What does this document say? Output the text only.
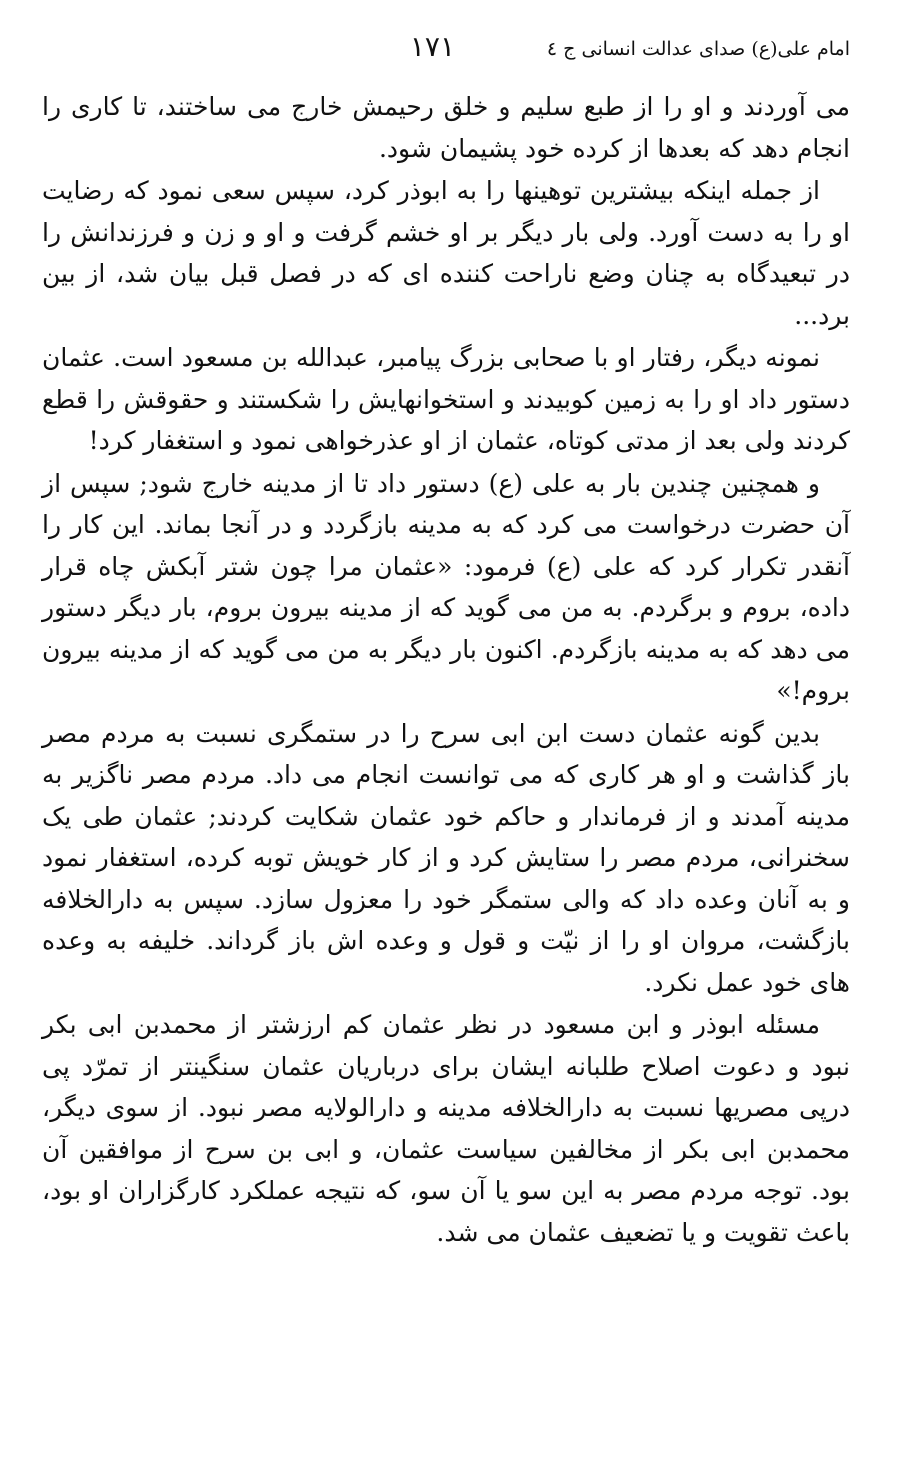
امام علی(ع) صدای عدالت انسانی ج ٤
١٧١

می آوردند و او را از طبع سلیم و خلق رحیمش خارج می ساختند، تا کاری را انجام دهد که بعدها از کرده خود پشیمان شود.

از جمله اینکه بیشترین توهینها را به ابوذر کرد، سپس سعی نمود که رضایت او را به دست آورد. ولی بار دیگر بر او خشم گرفت و او و زن و فرزندانش را در تبعیدگاه به چنان وضع ناراحت کننده ای که در فصل قبل بیان شد، از بین برد...

نمونه دیگر، رفتار او با صحابی بزرگ پیامبر، عبدالله بن مسعود است. عثمان دستور داد او را به زمین کوبیدند و استخوانهایش را شکستند و حقوقش را قطع کردند ولی بعد از مدتی کوتاه، عثمان از او عذرخواهی نمود و استغفار کرد!

و همچنین چندین بار به علی (ع) دستور داد تا از مدینه خارج شود; سپس از آن حضرت درخواست می کرد که به مدینه بازگردد و در آنجا بماند. این کار را آنقدر تکرار کرد که علی (ع) فرمود: «عثمان مرا چون شتر آبکش چاه قرار داده، بروم و برگردم. به من می گوید که از مدینه بیرون بروم، بار دیگر دستور می دهد که به مدینه بازگردم. اکنون بار دیگر به من می گوید که از مدینه بیرون بروم!»

بدین گونه عثمان دست ابن ابی سرح را در ستمگری نسبت به مردم مصر باز گذاشت و او هر کاری که می توانست انجام می داد. مردم مصر ناگزیر به مدینه آمدند و از فرماندار و حاکم خود عثمان شکایت کردند; عثمان طی یک سخنرانی، مردم مصر را ستایش کرد و از کار خویش توبه کرده، استغفار نمود و به آنان وعده داد که والی ستمگر خود را معزول سازد. سپس به دارالخلافه بازگشت، مروان او را از نیّت و قول و وعده اش باز گرداند. خلیفه به وعده های خود عمل نکرد.

مسئله ابوذر و ابن مسعود در نظر عثمان کم ارزشتر از محمدبن ابی بکر نبود و دعوت اصلاح طلبانه ایشان برای درباریان عثمان سنگینتر از تمرّد پی درپی مصریها نسبت به دارالخلافه مدینه و دارالولایه مصر نبود. از سوی دیگر، محمدبن ابی بکر از مخالفین سیاست عثمان، و ابی بن سرح از موافقین آن بود. توجه مردم مصر به این سو یا آن سو، که نتیجه عملکرد کارگزاران او بود، باعث تقویت و یا تضعیف عثمان می شد.
